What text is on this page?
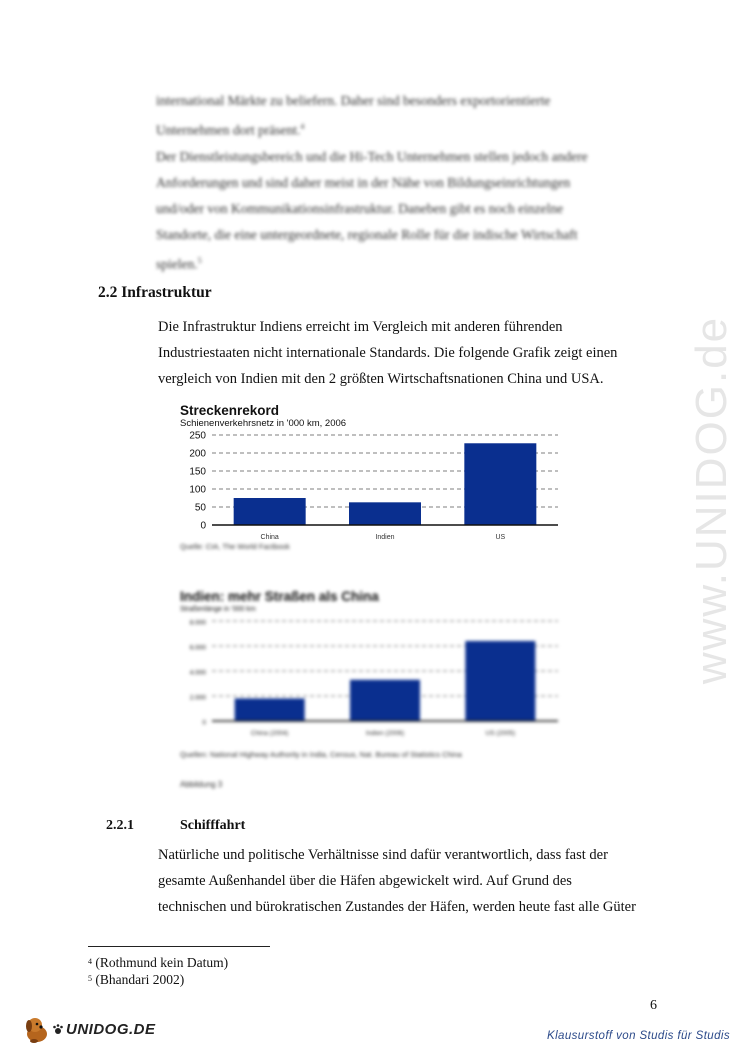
www.UNIDOG.de

international Märkte zu beliefern. Daher sind besonders exportorientierte

Unternehmen dort präsent.$^4$

Der Dienstleistungsbereich und die Hi-Tech Unternehmen stellen jedoch andere

Anforderungen und sind daher meist in der Nähe von Bildungseinrichtungen

und/oder von Kommunikationsinfrastruktur. Daneben gibt es noch einzelne

Standorte, die eine untergeordnete, regionale Rolle für die indische Wirtschaft

spielen.$^5$

2.2 Infrastruktur
Die Infrastruktur Indiens erreicht im Vergleich mit anderen führenden
Industriestaaten nicht internationale Standards. Die folgende Grafik zeigt einen
vergleich von Indien mit den 2 größten Wirtschaftsnationen China und USA.
Streckenrekord
Schienenverkehrsnetz in '000 km, 2006
0
50
100
150
200
250
China	Indien	US
Quelle: CIA, The World Factbook
Indien: mehr Straßen als China
Straßenlänge in '000 km
0
2.000
4.000
6.000
8.000
China (2004)	Indien (2006)	US (2005)
Quellen: National Highway Authority in India, Census, Nat. Bureau of Statistics China
Abbildung 3
2.2.1	Schifffahrt
Natürliche und politische Verhältnisse sind dafür verantwortlich, dass fast der
gesamte Außenhandel über die Häfen abgewickelt wird. Auf Grund des
technischen und bürokratischen Zustandes der Häfen, werden heute fast alle Güter
$^4$ (Rothmund kein Datum)
$^5$ (Bhandari 2002)
6
UNIDOG.DE	Klausurstoff von Studis für Studis
